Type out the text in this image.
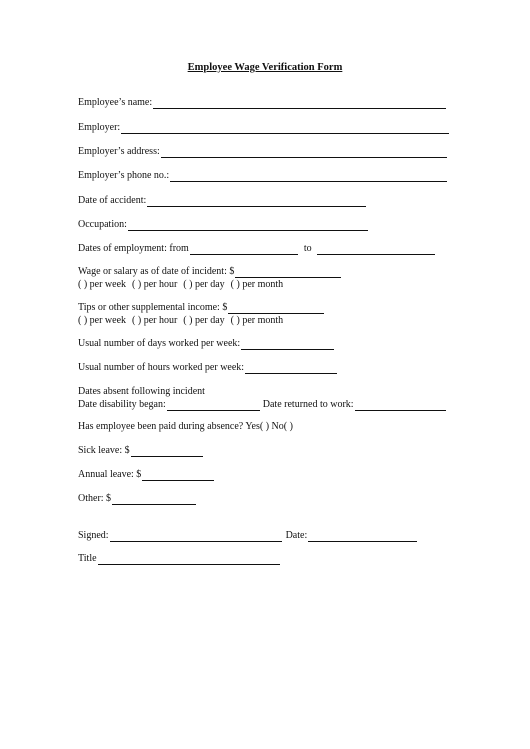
Employee Wage Verification Form
Employee’s name:
Employer:
Employer’s address:
Employer’s phone no.:
Date of accident:
Occupation:
Dates of employment: from	to
Wage or salary as of date of incident: $
( ) per week ( ) per hour ( ) per day ( ) per month
Tips or other supplemental income: $
( ) per week ( ) per hour ( ) per day ( ) per month
Usual number of days worked per week:
Usual number of hours worked per week:
Dates absent following incident
Date disability began:	Date returned to work:
Has employee been paid during absence? Yes( ) No( )
Sick leave: $
Annual leave: $
Other: $
Signed:	Date:
Title
